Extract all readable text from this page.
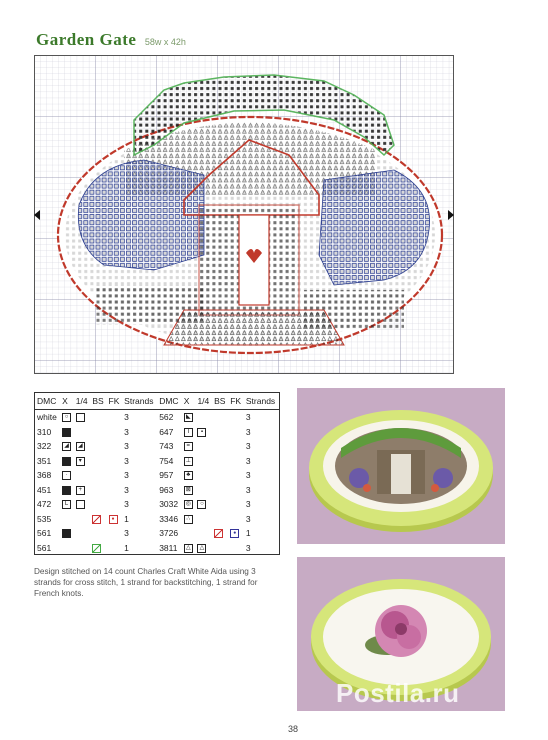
Garden Gate 58w x 42h
DMC	X	1/4	BS	FK	Strands	DMC	X	1/4	BS	FK	Strands
white	○				3	562	◣				3
310					3	647	T	▪			3
322	◢	◢			3	743	=				3
351		▾			3	754	⊥				3
368	·				3	957	♣				3
451		+			3	963	⊠				3
472	L				3	3032	◎	○			3
535				●	1	3346	∴				3
561					3	3726				●	1
561					1	3811	△	△			3
Design stitched on 14 count Charles Craft White Aida using 3 strands for cross stitch, 1 strand for backstitching, 1 strand for French knots.
Postila.ru
38
